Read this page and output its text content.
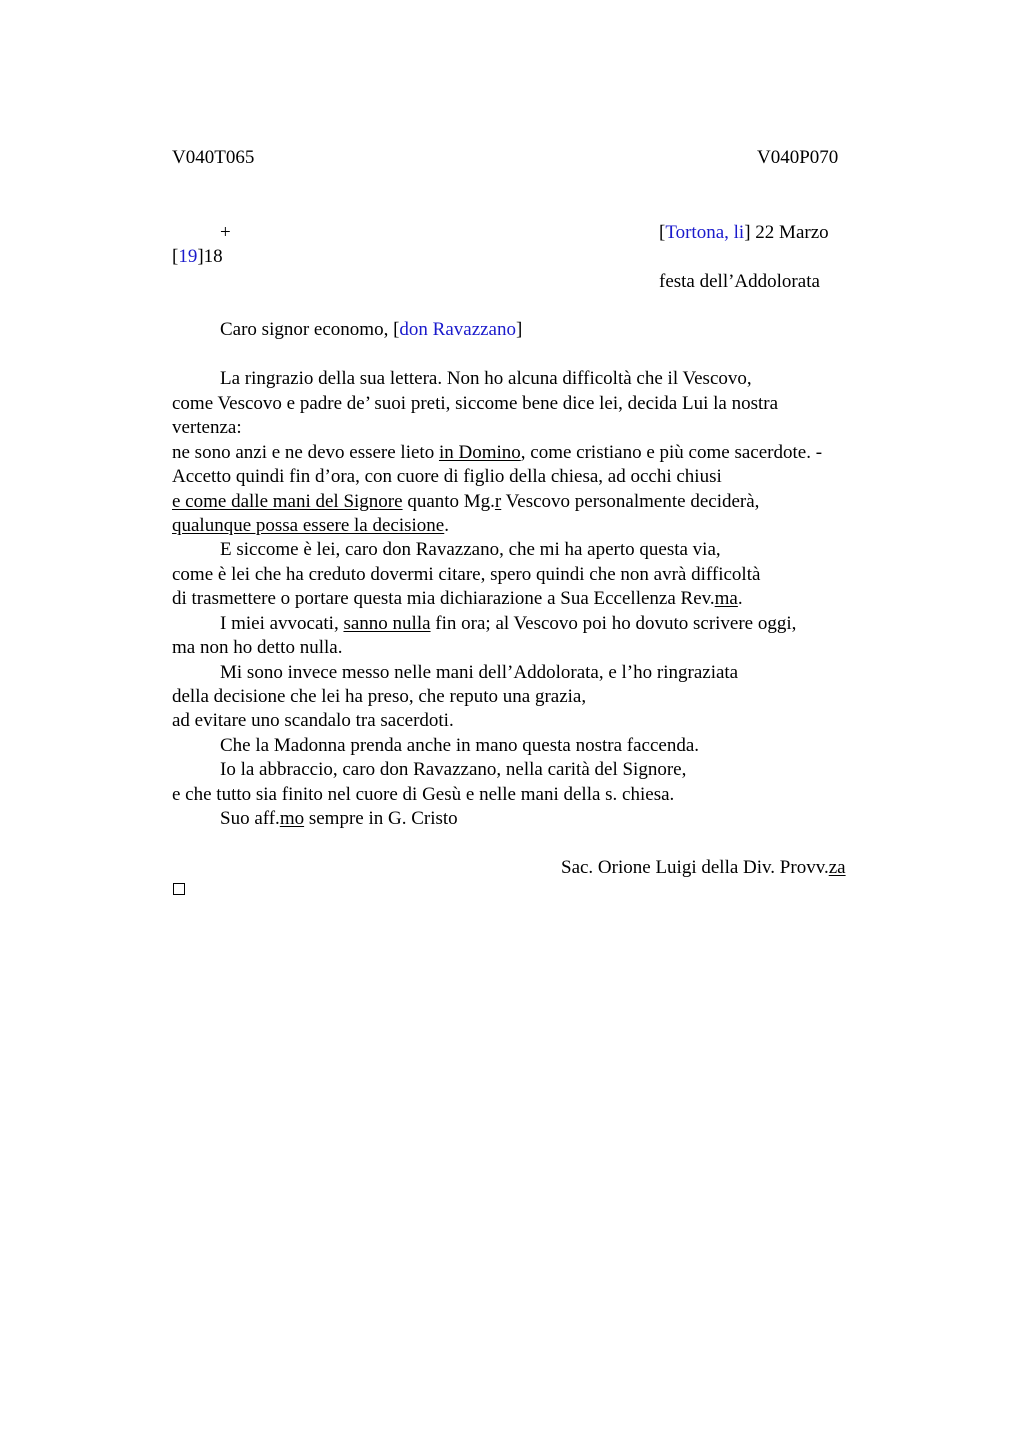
V040T065	V040P070
+	[Tortona, li] 22 Marzo
[19]18
festa dell’Addolorata
Caro signor economo, [don Ravazzano]
La ringrazio della sua lettera. Non ho alcuna difficoltà che il Vescovo,
come Vescovo e padre de’ suoi preti, siccome bene dice lei, decida Lui la nostra
vertenza:
ne sono anzi e ne devo essere lieto in Domino, come cristiano e più come sacerdote. -
Accetto quindi fin d’ora, con cuore di figlio della chiesa, ad occhi chiusi
e come dalle mani del Signore quanto Mg.r Vescovo personalmente deciderà,
qualunque possa essere la decisione.
E siccome è lei, caro don Ravazzano, che mi ha aperto questa via,
come è lei che ha creduto dovermi citare, spero quindi che non avrà difficoltà
di trasmettere o portare questa mia dichiarazione a Sua Eccellenza Rev.ma.
I miei avvocati, sanno nulla fin ora; al Vescovo poi ho dovuto scrivere oggi,
ma non ho detto nulla.
Mi sono invece messo nelle mani dell’Addolorata, e l’ho ringraziata
della decisione che lei ha preso, che reputo una grazia,
ad evitare uno scandalo tra sacerdoti.
Che la Madonna prenda anche in mano questa nostra faccenda.
Io la abbraccio, caro don Ravazzano, nella carità del Signore,
e che tutto sia finito nel cuore di Gesù e nelle mani della s. chiesa.
Suo aff.mo sempre in G. Cristo
Sac. Orione Luigi della Div. Provv.za
